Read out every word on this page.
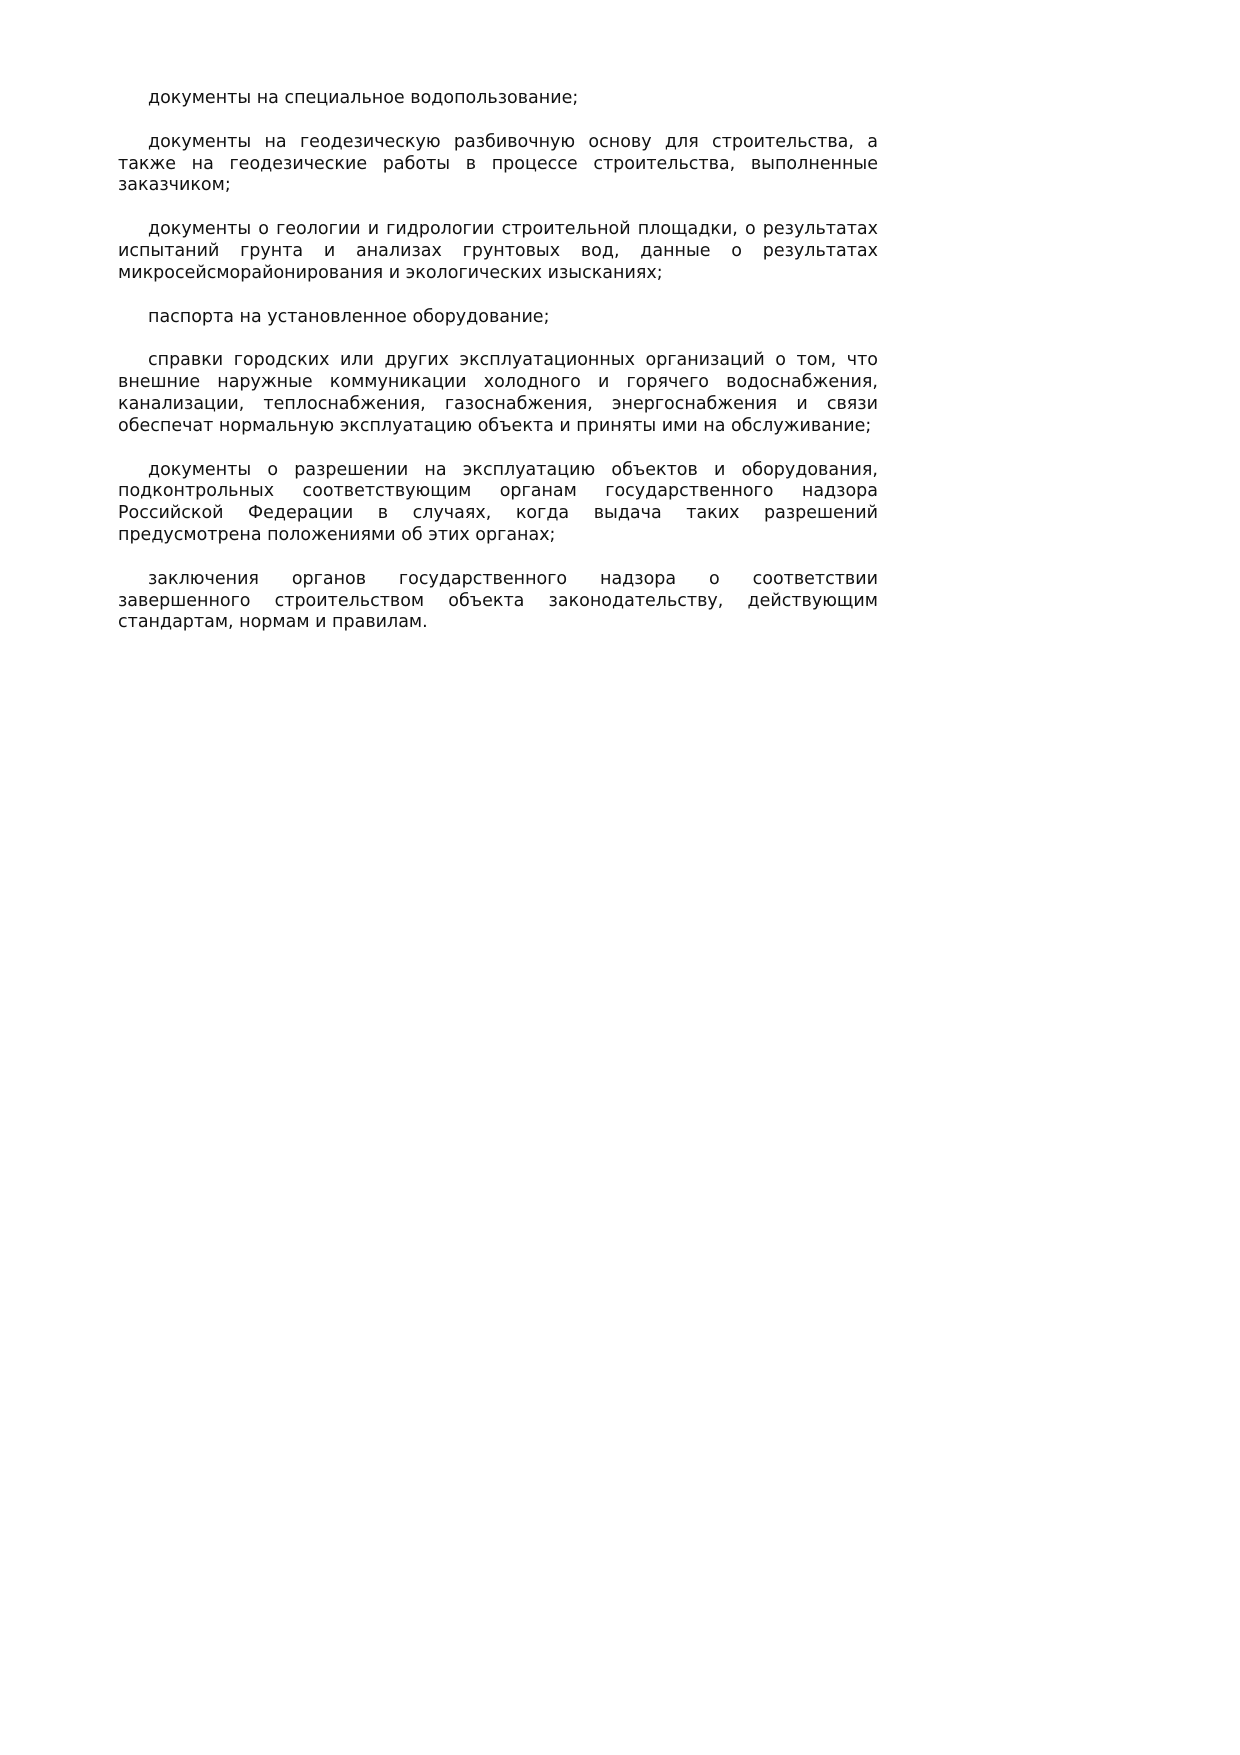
документы на специальное водопользование;

документы на геодезическую разбивочную основу для строительства, а также на геодезические работы в процессе строительства, выполненные заказчиком;

документы о геологии и гидрологии строительной площадки, о результатах испытаний грунта и анализах грунтовых вод, данные о результатах микросейсморайонирования и экологических изысканиях;

паспорта на установленное оборудование;

справки городских или других эксплуатационных организаций о том, что внешние наружные коммуникации холодного и горячего водоснабжения, канализации, теплоснабжения, газоснабжения, энергоснабжения и связи обеспечат нормальную эксплуатацию объекта и приняты ими на обслуживание;

документы о разрешении на эксплуатацию объектов и оборудования, подконтрольных соответствующим органам государственного надзора Российской Федерации в случаях, когда выдача таких разрешений предусмотрена положениями об этих органах;

заключения органов государственного надзора о соответствии завершенного строительством объекта законодательству, действующим стандартам, нормам и правилам.
